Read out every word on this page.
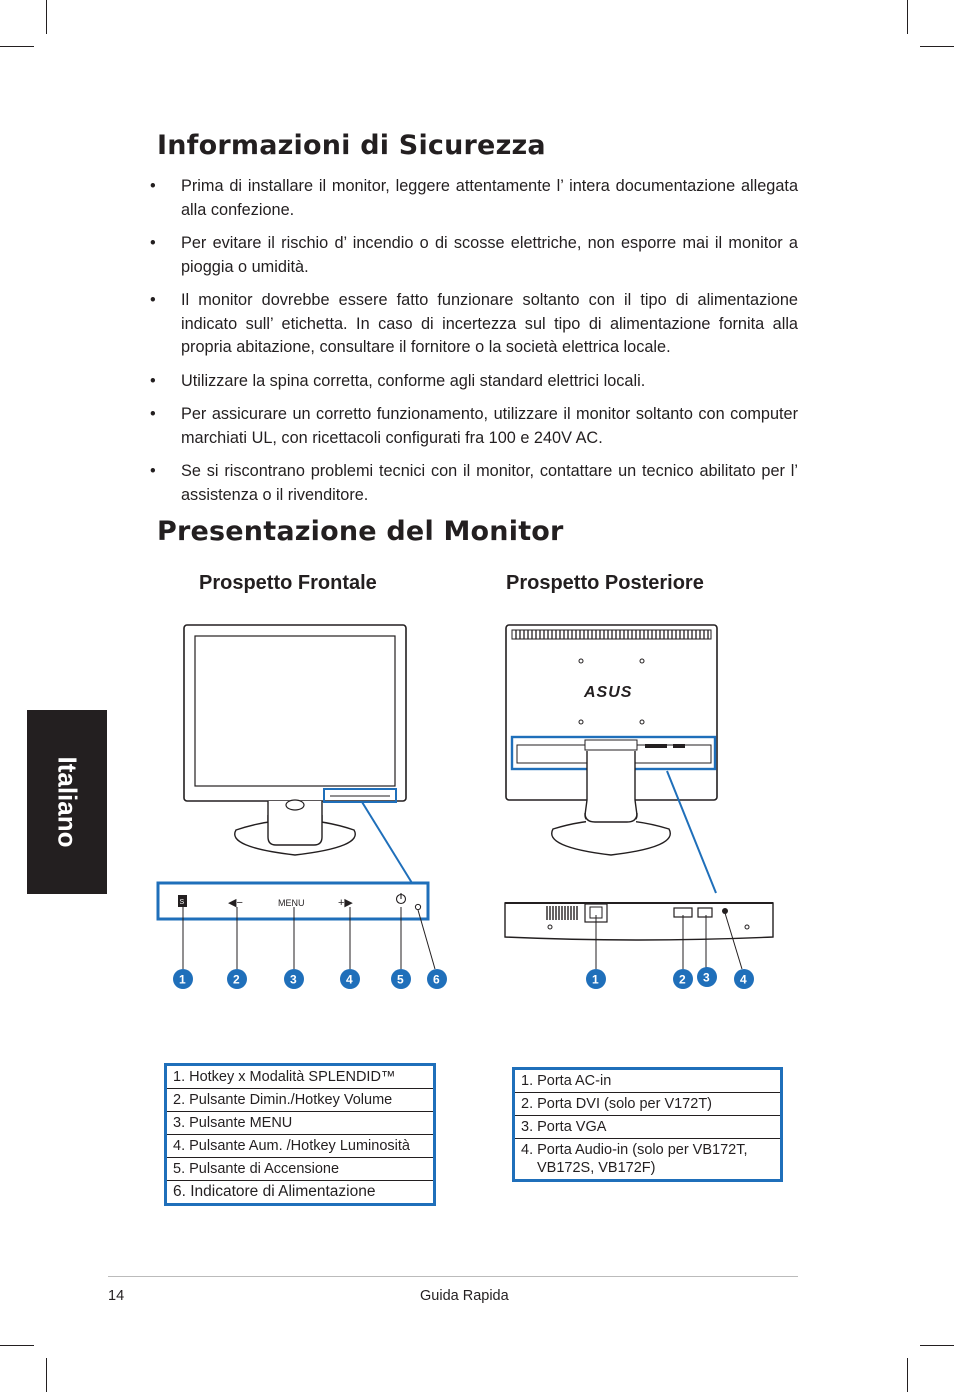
Italiano
Informazioni di Sicurezza
• Prima di installare il monitor, leggere attentamente l’ intera documentazione allegata alla confezione.
• Per evitare il rischio d’ incendio o di scosse elettriche, non esporre mai il monitor a pioggia o umidità.
• Il monitor dovrebbe essere fatto funzionare soltanto con il tipo di alimentazione indicato sull’ etichetta. In caso di incertezza sul tipo di alimentazione fornita alla propria abitazione, consultare il fornitore o la società elettrica locale.
• Utilizzare la spina corretta, conforme agli standard elettrici locali.
• Per assicurare un corretto funzionamento, utilizzare il monitor soltanto con computer marchiati UL, con ricettacoli configurati fra 100 e 240V AC.
• Se si riscontrano problemi tecnici con il monitor, contattare un tecnico abilitato per l’ assistenza o il rivenditore.
Presentazione del Monitor
Prospetto Frontale	Prospetto Posteriore
S	◀−	MENU	+▶
1	2	3	4	5 6
ASUS
1	2 3	4
1. Hotkey x Modalità SPLENDID™
2. Pulsante Dimin./Hotkey Volume
3. Pulsante MENU
4. Pulsante Aum. /Hotkey Luminosità
5. Pulsante di Accensione
6. Indicatore di Alimentazione
1. Porta AC-in
2. Porta DVI (solo per V172T)
3. Porta VGA
4. Porta Audio-in (solo per VB172T, VB172S, VB172F)
14	Guida Rapida
